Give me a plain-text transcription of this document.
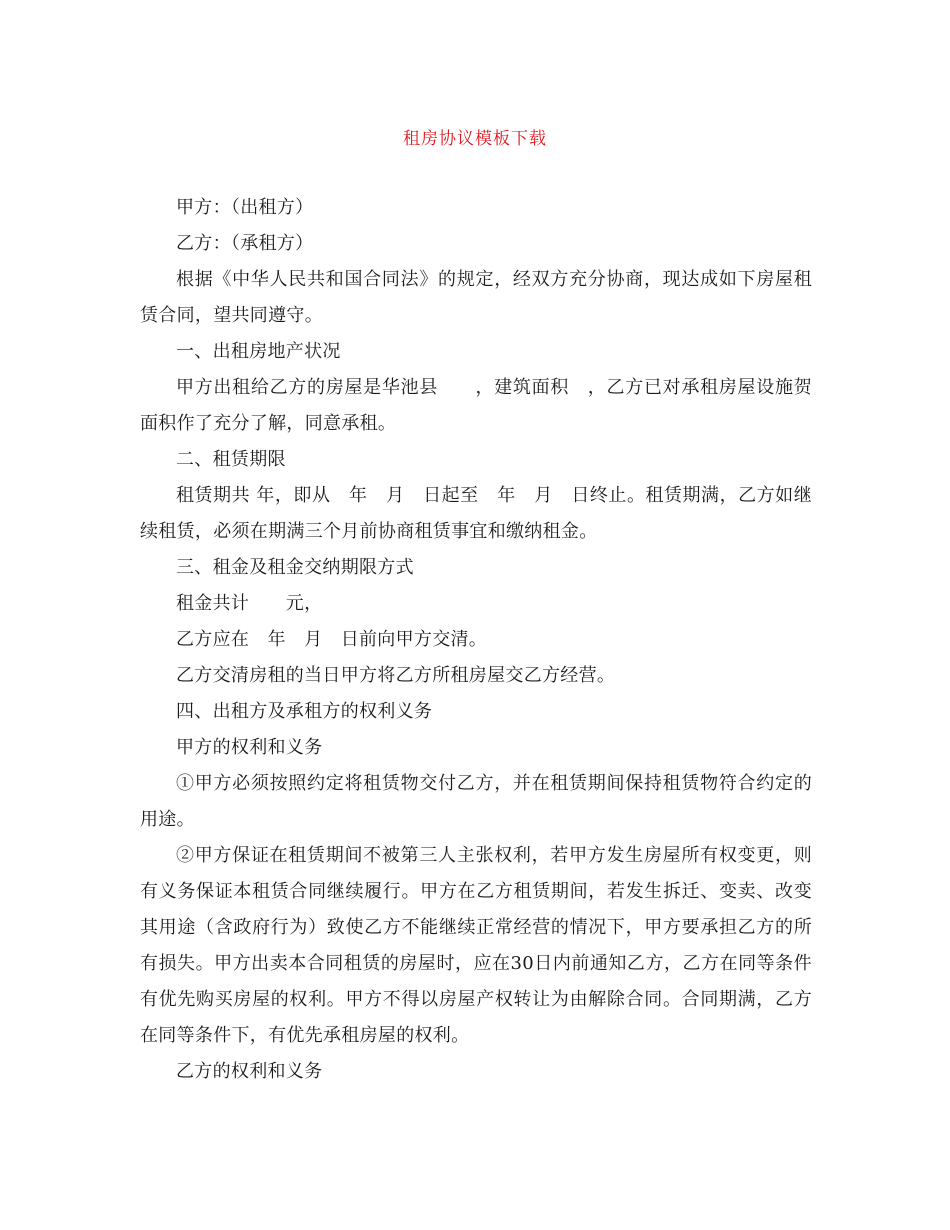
租房协议模板下载

甲方：（出租方）

乙方：（承租方）

根据《中华人民共和国合同法》的规定，经双方充分协商，现达成如下房屋租赁合同，望共同遵守。

一、出租房地产状况

甲方出租给乙方的房屋是华池县　　，建筑面积　，乙方已对承租房屋设施贺面积作了充分了解，同意承租。

二、租赁期限

租赁期共 年，即从　年　月　日起至　年　月　日终止。租赁期满，乙方如继续租赁，必须在期满三个月前协商租赁事宜和缴纳租金。

三、租金及租金交纳期限方式

租金共计　　元，

乙方应在　年　月　日前向甲方交清。

乙方交清房租的当日甲方将乙方所租房屋交乙方经营。

四、出租方及承租方的权利义务

甲方的权利和义务

①甲方必须按照约定将租赁物交付乙方，并在租赁期间保持租赁物符合约定的用途。

②甲方保证在租赁期间不被第三人主张权利，若甲方发生房屋所有权变更，则有义务保证本租赁合同继续履行。甲方在乙方租赁期间，若发生拆迁、变卖、改变其用途（含政府行为）致使乙方不能继续正常经营的情况下，甲方要承担乙方的所有损失。甲方出卖本合同租赁的房屋时，应在30日内前通知乙方，乙方在同等条件有优先购买房屋的权利。甲方不得以房屋产权转让为由解除合同。合同期满，乙方在同等条件下，有优先承租房屋的权利。

乙方的权利和义务
